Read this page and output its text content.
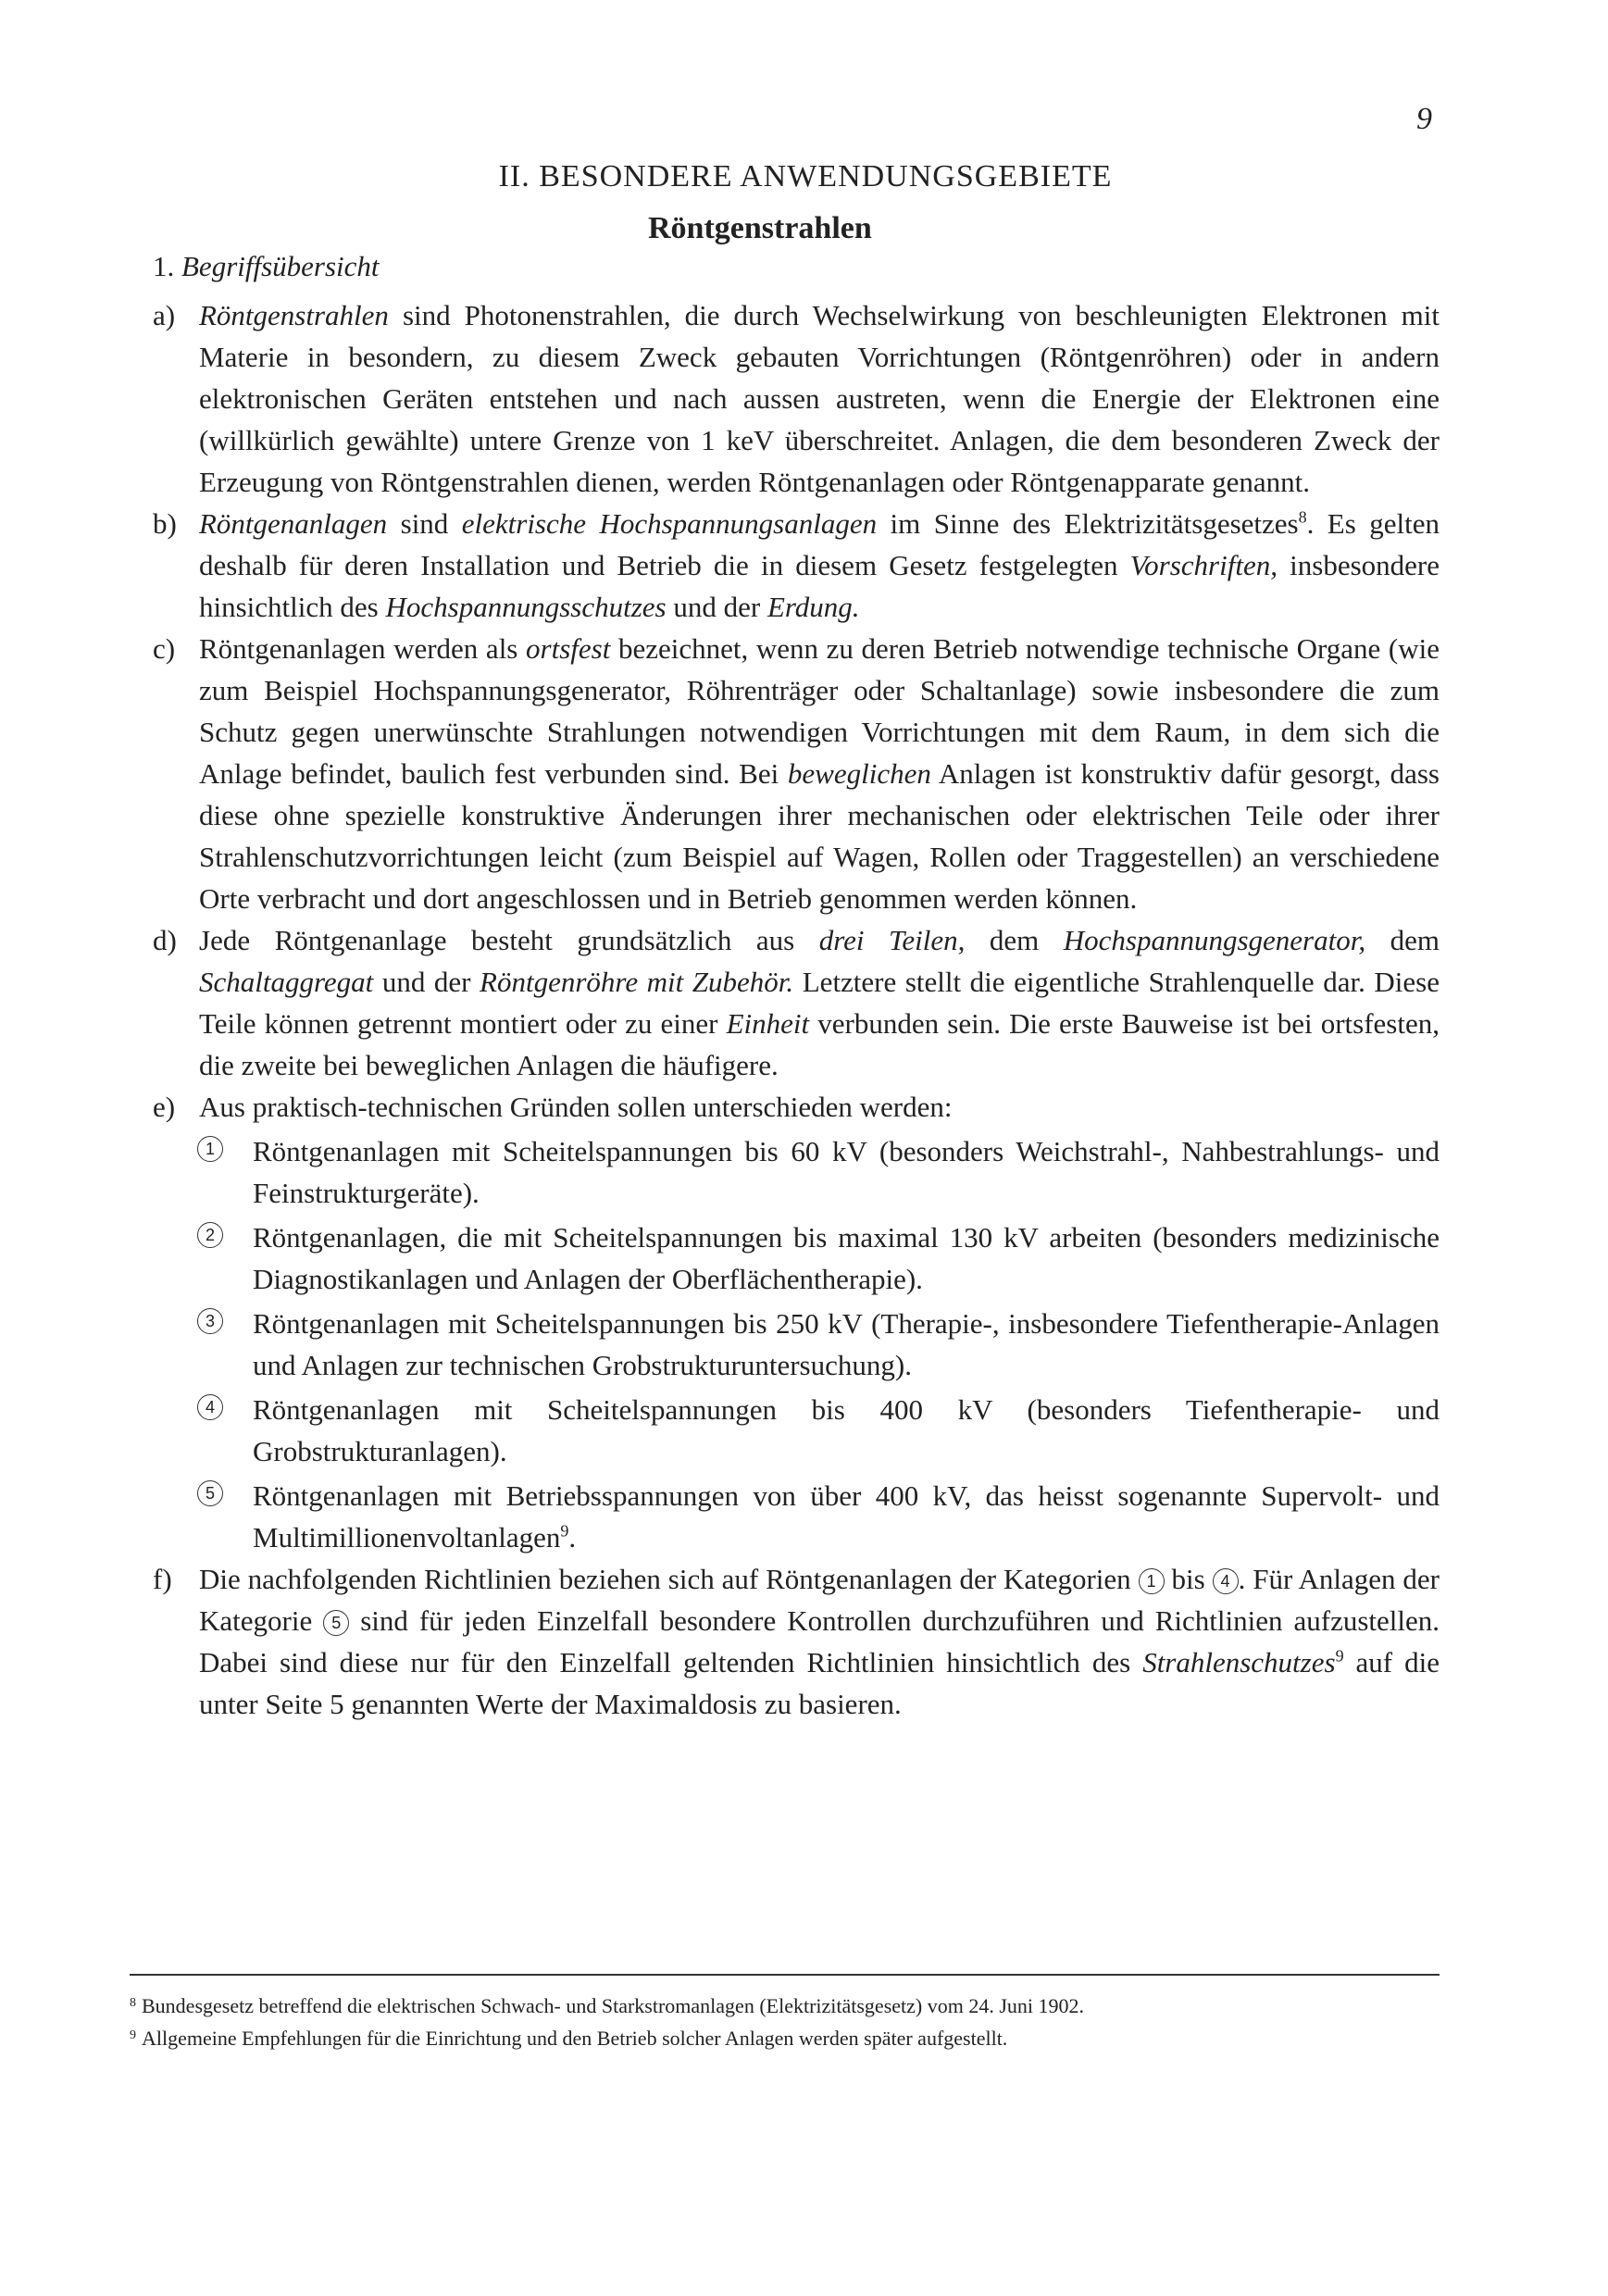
9
II. BESONDERE ANWENDUNGSGEBIETE
Röntgenstrahlen
1. Begriffsübersicht
a) Röntgenstrahlen sind Photonenstrahlen, die durch Wechselwirkung von beschleunigten Elektronen mit Materie in besondern, zu diesem Zweck gebauten Vorrichtungen (Röntgenröhren) oder in andern elektronischen Geräten entstehen und nach aussen austreten, wenn die Energie der Elektronen eine (willkürlich gewählte) untere Grenze von 1 keV überschreitet. Anlagen, die dem besonderen Zweck der Erzeugung von Röntgenstrahlen dienen, werden Röntgenanlagen oder Röntgenapparate genannt.
b) Röntgenanlagen sind elektrische Hochspannungsanlagen im Sinne des Elektrizitätsgesetzes$^8$. Es gelten deshalb für deren Installation und Betrieb die in diesem Gesetz festgelegten Vorschriften, insbesondere hinsichtlich des Hochspannungsschutzes und der Erdung.
c) Röntgenanlagen werden als ortsfest bezeichnet, wenn zu deren Betrieb notwendige technische Organe (wie zum Beispiel Hochspannungsgenerator, Röhrenträger oder Schaltanlage) sowie insbesondere die zum Schutz gegen unerwünschte Strahlungen notwendigen Vorrichtungen mit dem Raum, in dem sich die Anlage befindet, baulich fest verbunden sind. Bei beweglichen Anlagen ist konstruktiv dafür gesorgt, dass diese ohne spezielle konstruktive Änderungen ihrer mechanischen oder elektrischen Teile oder ihrer Strahlenschutzvorrichtungen leicht (zum Beispiel auf Wagen, Rollen oder Traggestellen) an verschiedene Orte verbracht und dort angeschlossen und in Betrieb genommen werden können.
d) Jede Röntgenanlage besteht grundsätzlich aus drei Teilen, dem Hochspannungsgenerator, dem Schaltaggregat und der Röntgenröhre mit Zubehör. Letztere stellt die eigentliche Strahlenquelle dar. Diese Teile können getrennt montiert oder zu einer Einheit verbunden sein. Die erste Bauweise ist bei ortsfesten, die zweite bei beweglichen Anlagen die häufigere.
e) Aus praktisch-technischen Gründen sollen unterschieden werden:
1 Röntgenanlagen mit Scheitelspannungen bis 60 kV (besonders Weichstrahl-, Nahbestrahlungs- und Feinstrukturgeräte).
2 Röntgenanlagen, die mit Scheitelspannungen bis maximal 130 kV arbeiten (besonders medizinische Diagnostikanlagen und Anlagen der Oberflächentherapie).
3 Röntgenanlagen mit Scheitelspannungen bis 250 kV (Therapie-, insbesondere Tiefentherapie-Anlagen und Anlagen zur technischen Grobstrukturuntersuchung).
4 Röntgenanlagen mit Scheitelspannungen bis 400 kV (besonders Tiefentherapie- und Grobstrukturanlagen).
5 Röntgenanlagen mit Betriebsspannungen von über 400 kV, das heisst sogenannte Supervolt- und Multimillionenvoltanlagen$^9$.
f) Die nachfolgenden Richtlinien beziehen sich auf Röntgenanlagen der Kategorien 1 bis 4 . Für Anlagen der Kategorie 5 sind für jeden Einzelfall besondere Kontrollen durchzuführen und Richtlinien aufzustellen. Dabei sind diese nur für den Einzelfall geltenden Richtlinien hinsichtlich des Strahlenschutzes$^9$ auf die unter Seite 5 genannten Werte der Maximaldosis zu basieren.
$^8$ Bundesgesetz betreffend die elektrischen Schwach- und Starkstromanlagen (Elektrizitätsgesetz) vom 24. Juni 1902.
$^9$ Allgemeine Empfehlungen für die Einrichtung und den Betrieb solcher Anlagen werden später aufgestellt.
